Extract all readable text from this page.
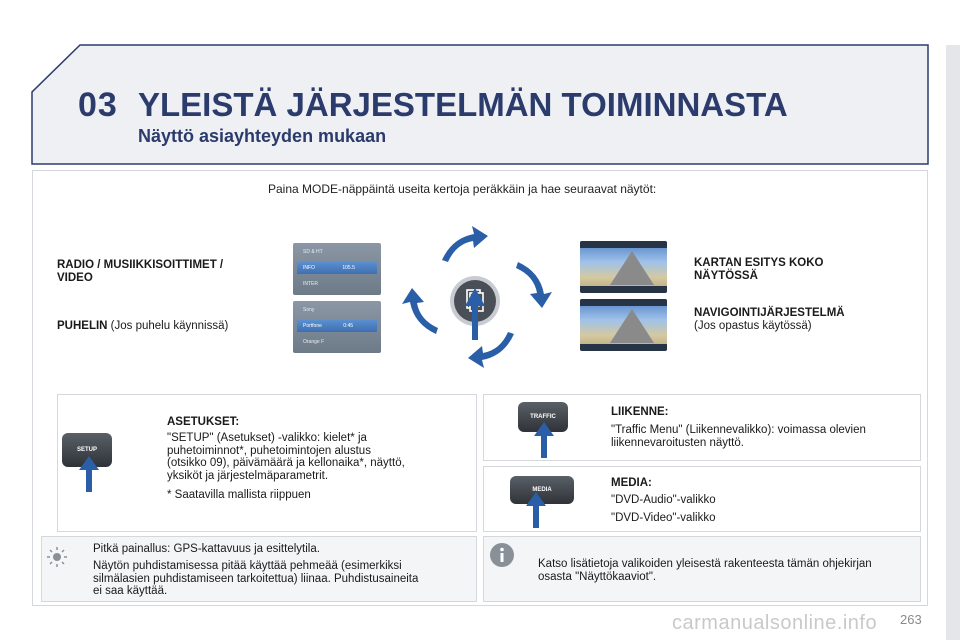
03 YLEISTÄ JÄRJESTELMÄN TOIMINNASTA
Näyttö asiayhteyden mukaan
Paina MODE-näppäintä useita kertoja peräkkäin ja hae seuraavat näytöt:
RADIO / MUSIIKKISOITTIMET /
VIDEO
PUHELIN (Jos puhelu käynnissä)
KARTAN ESITYS KOKO
NÄYTÖSSÄ
NAVIGOINTIJÄRJESTELMÄ
(Jos opastus käytössä)
SD & HT
INFO	105.5
INTER
Sony
Portfone	0:45
Orange F
SETUP
ASETUKSET:
"SETUP" (Asetukset) -valikko: kielet* ja
puhetoiminnot*, puhetoimintojen alustus
(otsikko 09), päivämäärä ja kellonaika*, näyttö,
yksiköt ja järjestelmäparametrit.
* Saatavilla mallista riippuen
TRAFFIC	LIIKENNE:
"Traffic Menu" (Liikennevalikko): voimassa olevien
liikennevaroitusten näyttö.
MEDIA
MEDIA:
"DVD-Audio"-valikko
"DVD-Video"-valikko
Pitkä painallus: GPS-kattavuus ja esittelytila.
Näytön puhdistamisessa pitää käyttää pehmeää (esimerkiksi
silmälasien puhdistamiseen tarkoitettua) liinaa. Puhdistusaineita
ei saa käyttää.
Katso lisätietoja valikoiden yleisestä rakenteesta tämän ohjekirjan
osasta "Näyttökaaviot".
carmanualsonline.info 263
